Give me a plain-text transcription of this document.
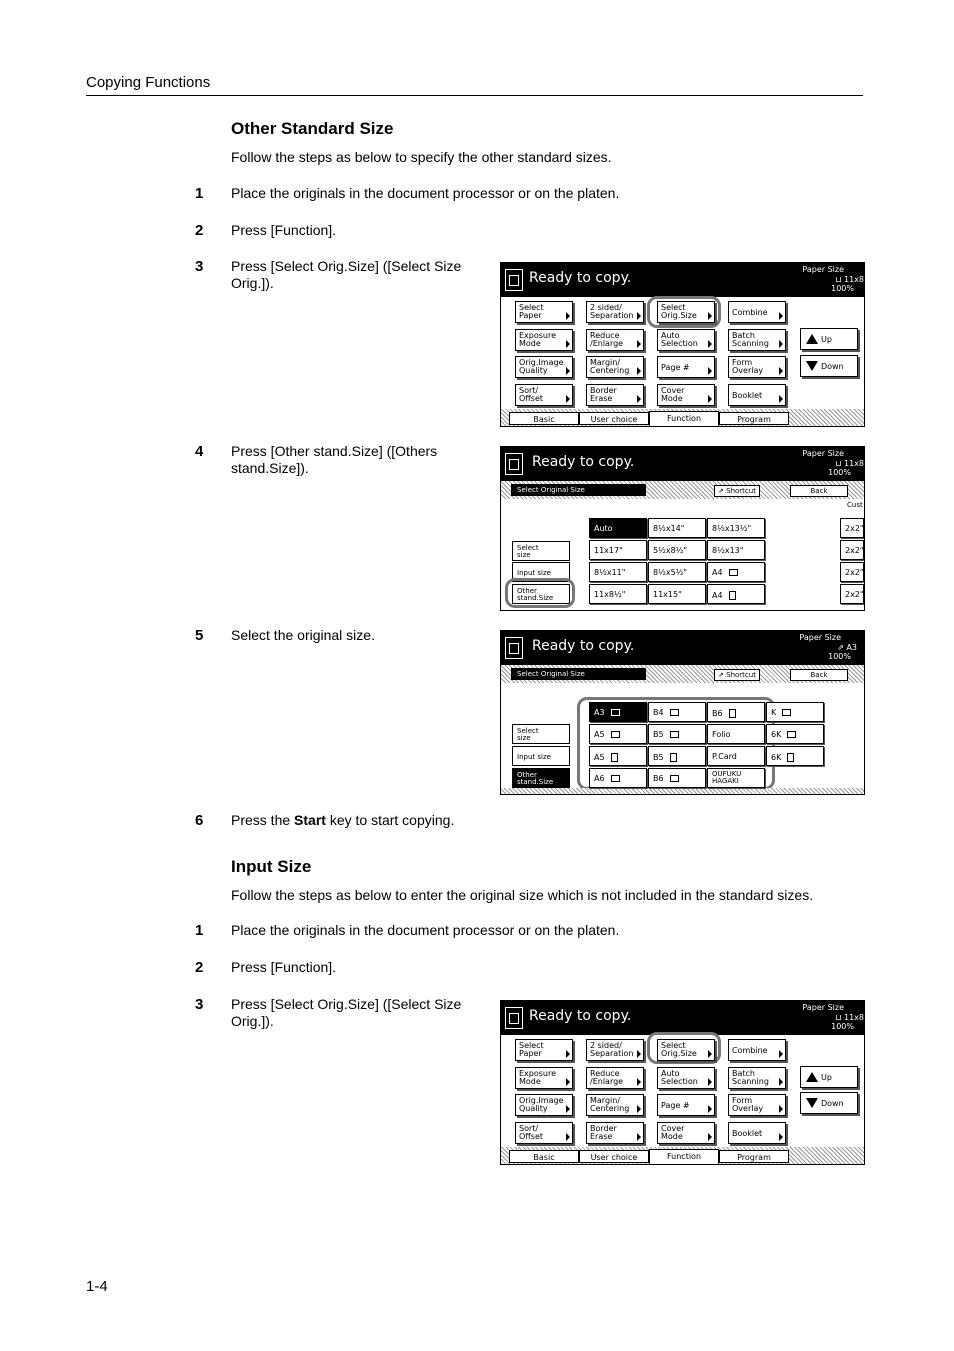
Copying Functions
Other Standard Size
Follow the steps as below to specify the other standard sizes.
1 Place the originals in the document processor or on the platen.
2 Press [Function].
3 Press [Select Orig.Size] ([Select Size Orig.]).
4 Press [Other stand.Size] ([Others stand.Size]).
5 Select the original size.
6 Press the Start key to start copying.
Input Size
Follow the steps as below to enter the original size which is not included in the standard sizes.
1 Place the originals in the document processor or on the platen.
2 Press [Function].
3 Press [Select Orig.Size] ([Select Size Orig.]).
1-4
Ready to copy.
Paper Size
⊔ 11x8
100%
Up
Down
Basic	User choice	Function	Program
Select
Paper
2 sided/
Separation
Select
Orig.Size	Combine
Exposure
Mode
Reduce
/Enlarge
Auto
Selection
Batch
Scanning
Orig.Image
Quality
Margin/
Centering	Page #
Form
Overlay
Sort/
Offset
Border
Erase
Cover
Mode	Booklet
Ready to copy.
Paper Size
⊔ 11x8
100%
Select Original Size	⇗ Shortcut	Back
Cust
Select
size
Input size
Other
stand.Size
Auto	8½x14"	8½x13½"
11x17"	5½x8½"	8½x13"
8½x11"	8½x5½"	A4
11x8½"	11x15"	A4
2x2"
2x2"
2x2"
2x2"
Ready to copy.
Paper Size
⇗ A3
100%
Select Original Size	⇗ Shortcut	Back
Select
size
Input size
Other
stand.Size
A3	B4	B6	K
A5	B5	Folio	6K
A5	B5	P.Card	6K
A6	B6	OUFUKU HAGAKI
Ready to copy.
Paper Size
⊔ 11x8
100%
Up
Down
Basic	User choice	Function	Program
Select
Paper
2 sided/
Separation
Select
Orig.Size	Combine
Exposure
Mode
Reduce
/Enlarge
Auto
Selection
Batch
Scanning
Orig.Image
Quality
Margin/
Centering	Page #
Form
Overlay
Sort/
Offset
Border
Erase
Cover
Mode	Booklet
